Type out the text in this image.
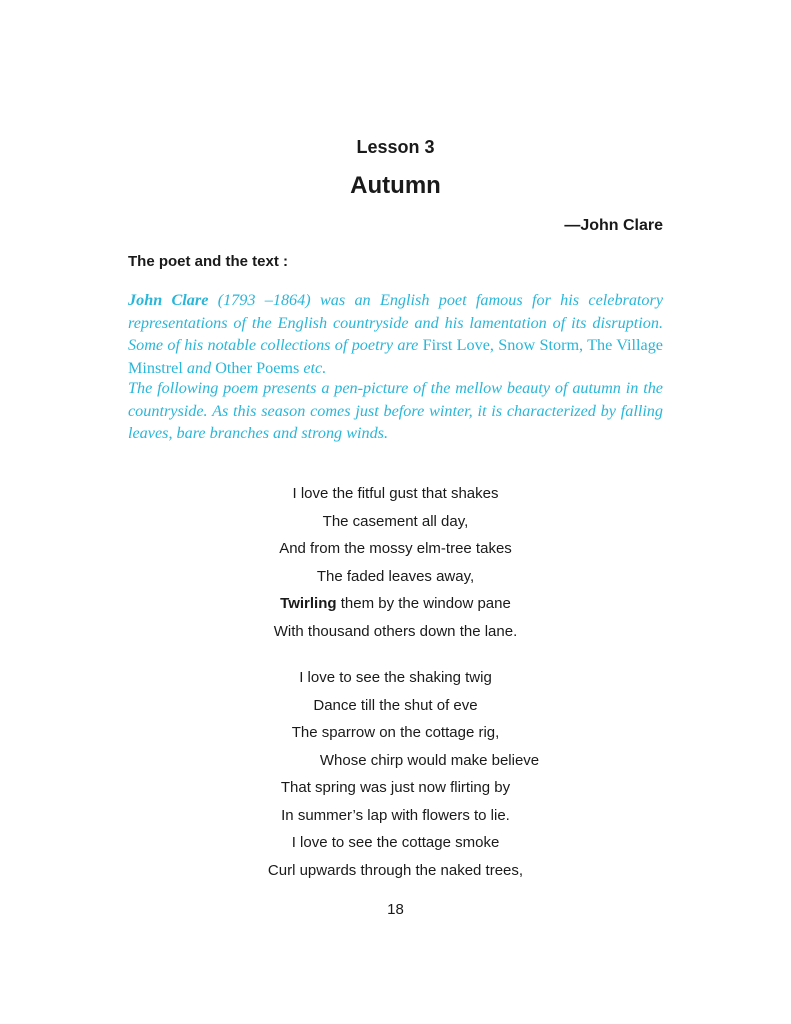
Lesson 3
Autumn
—John Clare
The poet and the text :

John Clare (1793 –1864) was an English poet famous for his celebratory representations of the English countryside and his lamentation of its disruption. Some of his notable collections of poetry are First Love, Snow Storm, The Village Minstrel and Other Poems etc.

The following poem presents a pen-picture of the mellow beauty of autumn in the countryside. As this season comes just before winter, it is characterized by falling leaves, bare branches and strong winds.

I love the fitful gust that shakes
The casement all day,
And from the mossy elm-tree takes
The faded leaves away,
Twirling them by the window pane
With thousand others down the lane.
I love to see the shaking twig
Dance till the shut of eve
The sparrow on the cottage rig,
Whose chirp would make believe
That spring was just now flirting by
In summer’s lap with flowers to lie.
I love to see the cottage smoke
Curl upwards through the naked trees,
18
